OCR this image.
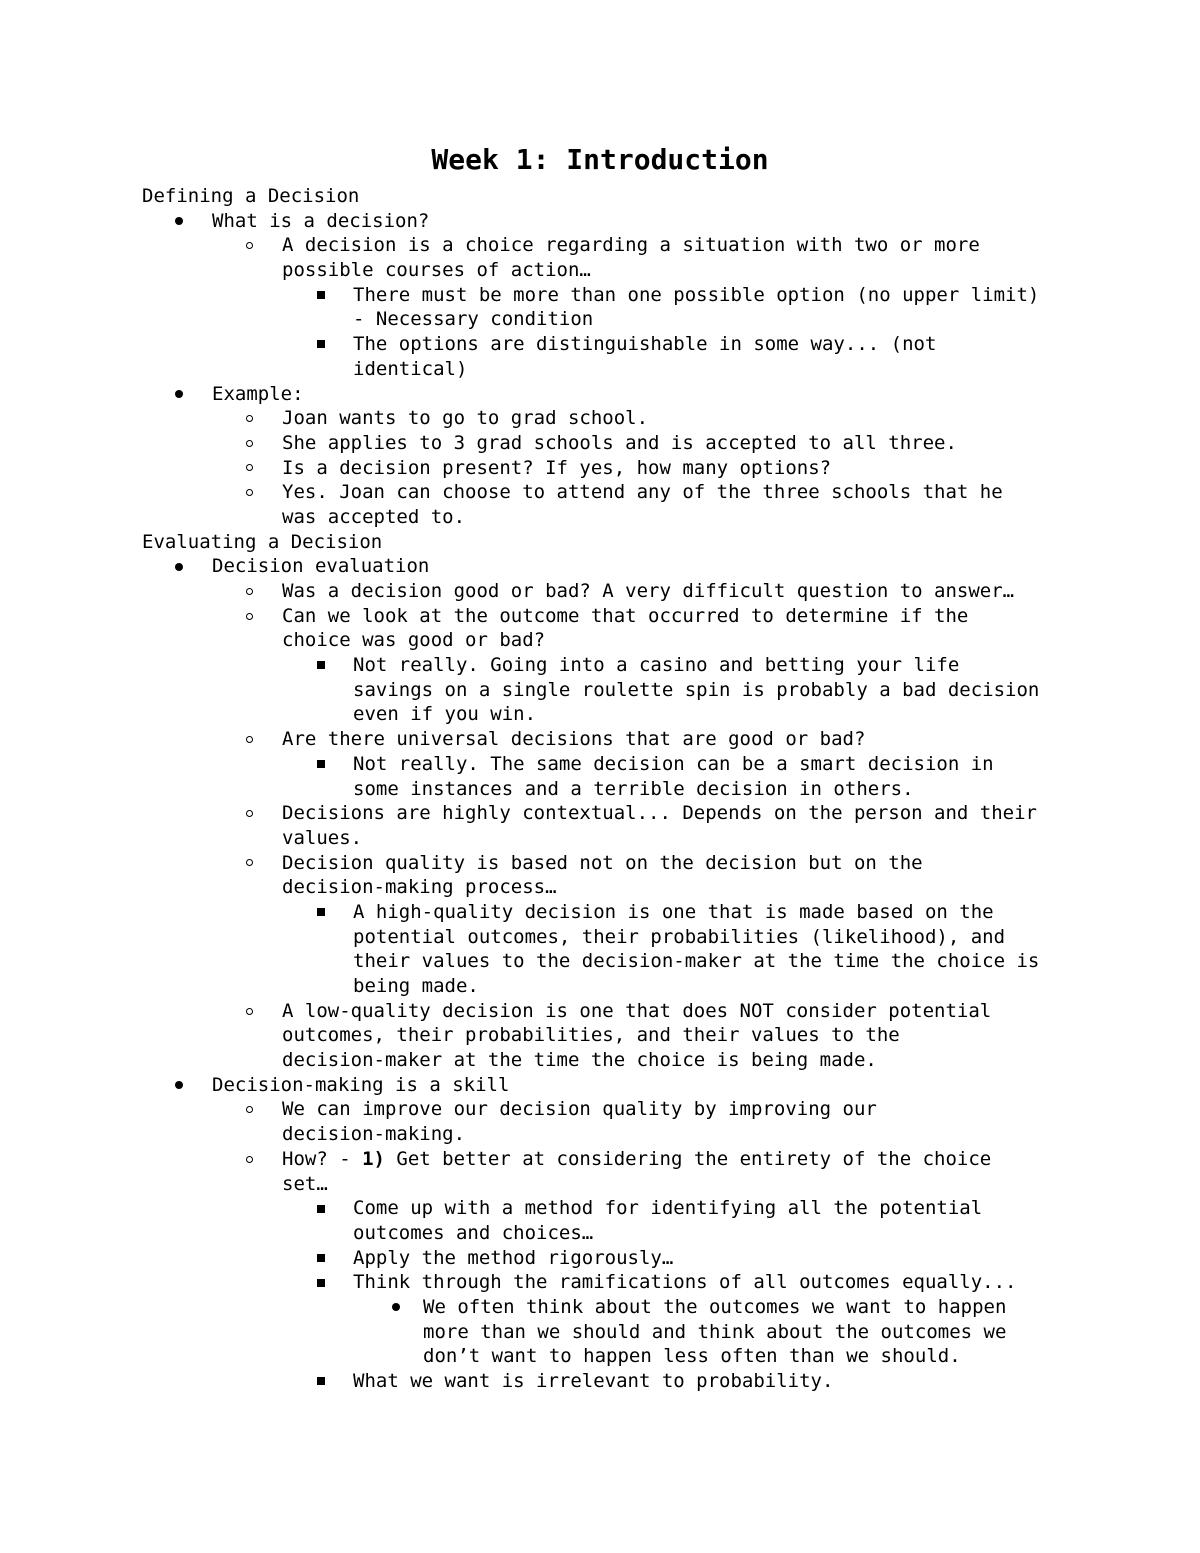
Week 1: Introduction
Defining a Decision
What is a decision?
A decision is a choice regarding a situation with two or more
possible courses of action…
There must be more than one possible option (no upper limit)
- Necessary condition
The options are distinguishable in some way... (not
identical)
Example:
Joan wants to go to grad school.
She applies to 3 grad schools and is accepted to all three.
Is a decision present? If yes, how many options?
Yes. Joan can choose to attend any of the three schools that he
was accepted to.
Evaluating a Decision
Decision evaluation
Was a decision good or bad? A very difficult question to answer…
Can we look at the outcome that occurred to determine if the
choice was good or bad?
Not really. Going into a casino and betting your life
savings on a single roulette spin is probably a bad decision
even if you win.
Are there universal decisions that are good or bad?
Not really. The same decision can be a smart decision in
some instances and a terrible decision in others.
Decisions are highly contextual... Depends on the person and their
values.
Decision quality is based not on the decision but on the
decision-making process…
A high-quality decision is one that is made based on the
potential outcomes, their probabilities (likelihood), and
their values to the decision-maker at the time the choice is
being made.
A low-quality decision is one that does NOT consider potential
outcomes, their probabilities, and their values to the
decision-maker at the time the choice is being made.
Decision-making is a skill
We can improve our decision quality by improving our
decision-making.
How? - 1) Get better at considering the entirety of the choice
set…
Come up with a method for identifying all the potential
outcomes and choices…
Apply the method rigorously…
Think through the ramifications of all outcomes equally...
We often think about the outcomes we want to happen
more than we should and think about the outcomes we
don’t want to happen less often than we should.
What we want is irrelevant to probability.
